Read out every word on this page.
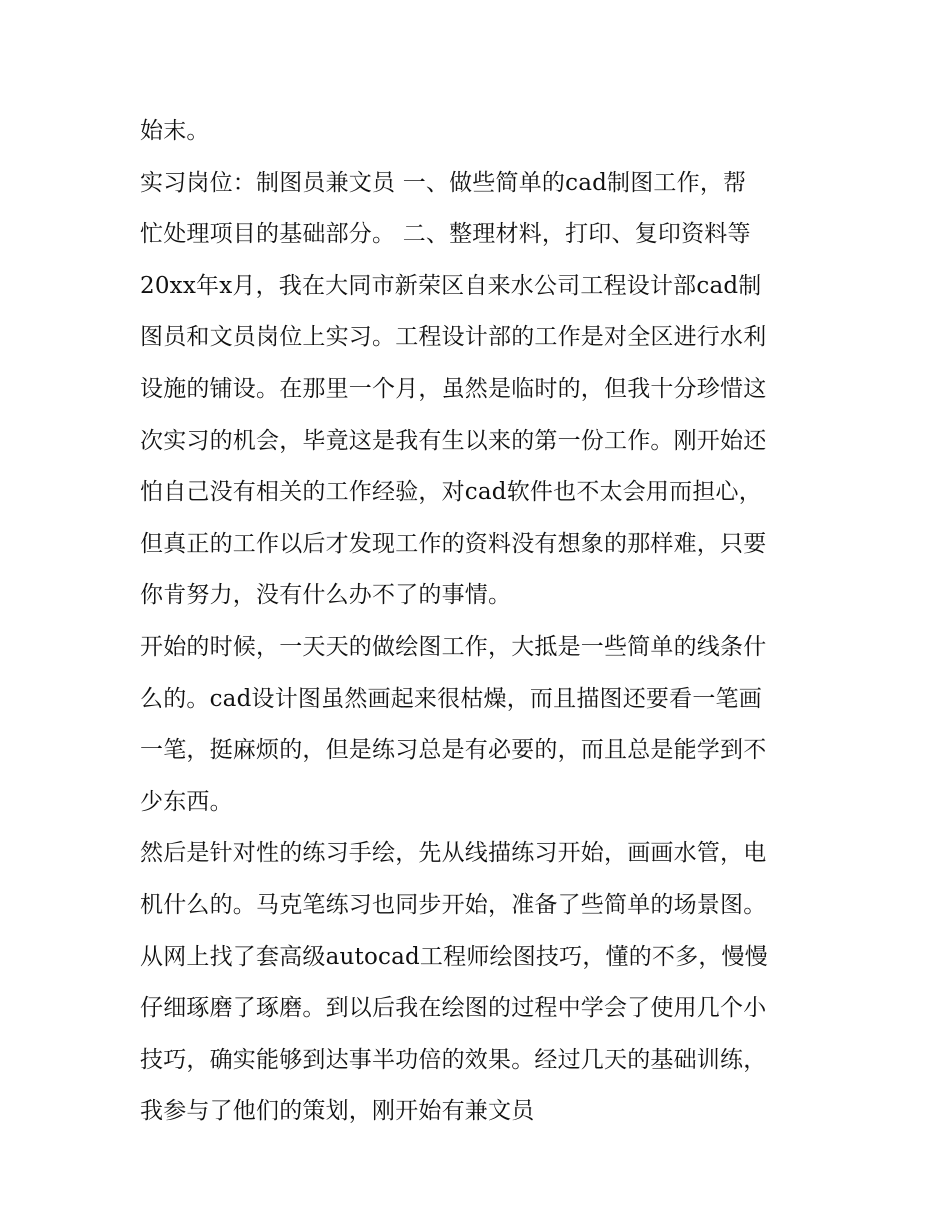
始末。
实习岗位：制图员兼文员 一、做些简单的cad制图工作，帮
忙处理项目的基础部分。 二、整理材料，打印、复印资料等
20xx年x月，我在大同市新荣区自来水公司工程设计部cad制
图员和文员岗位上实习。工程设计部的工作是对全区进行水利
设施的铺设。在那里一个月，虽然是临时的，但我十分珍惜这
次实习的机会，毕竟这是我有生以来的第一份工作。刚开始还
怕自己没有相关的工作经验，对cad软件也不太会用而担心，
但真正的工作以后才发现工作的资料没有想象的那样难，只要
你肯努力，没有什么办不了的事情。
开始的时候，一天天的做绘图工作，大抵是一些简单的线条什
么的。cad设计图虽然画起来很枯燥，而且描图还要看一笔画
一笔，挺麻烦的，但是练习总是有必要的，而且总是能学到不
少东西。
然后是针对性的练习手绘，先从线描练习开始，画画水管，电
机什么的。马克笔练习也同步开始，准备了些简单的场景图。
从网上找了套高级autocad工程师绘图技巧，懂的不多，慢慢
仔细琢磨了琢磨。到以后我在绘图的过程中学会了使用几个小
技巧，确实能够到达事半功倍的效果。经过几天的基础训练，
我参与了他们的策划，刚开始有兼文员
